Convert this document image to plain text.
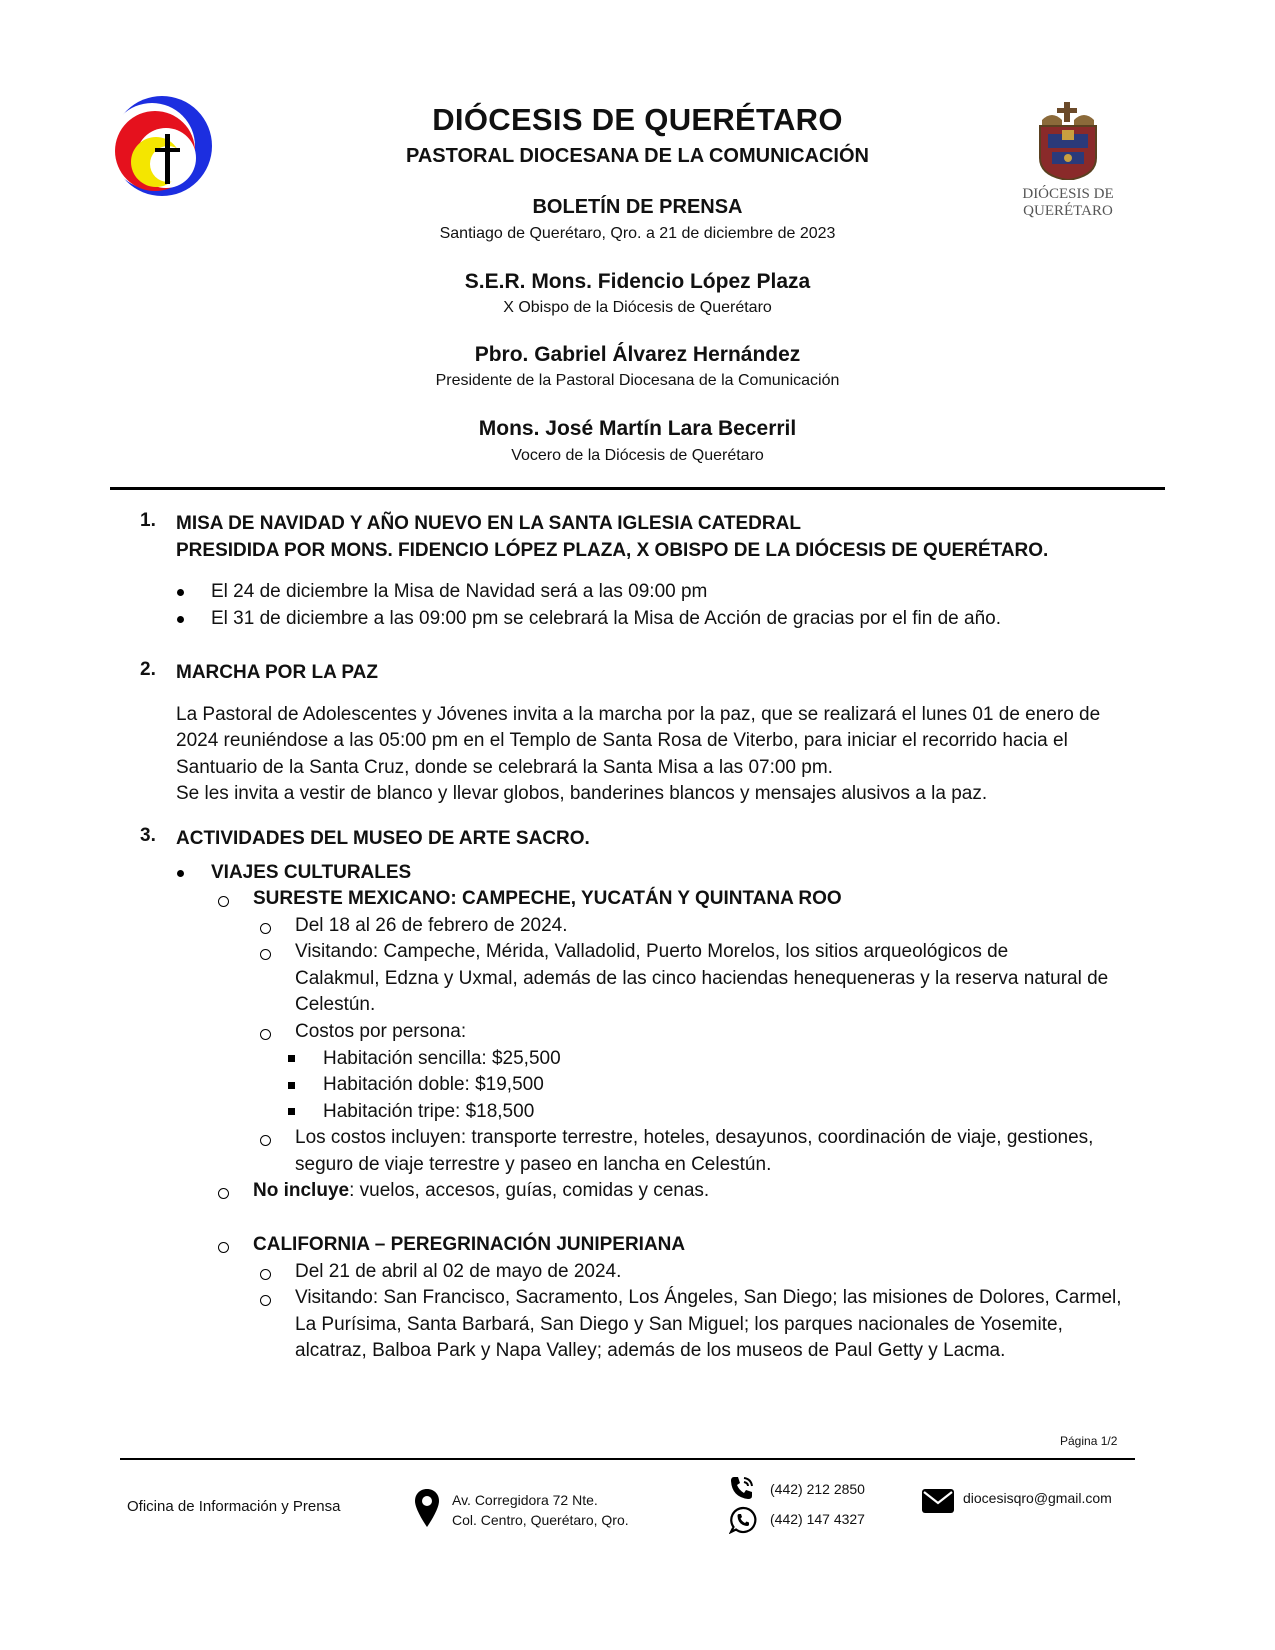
DIÓCESIS DE
QUERÉTARO
DIÓCESIS DE QUERÉTARO
PASTORAL DIOCESANA DE LA COMUNICACIÓN
BOLETÍN DE PRENSA
Santiago de Querétaro, Qro. a 21 de diciembre de 2023
S.E.R. Mons. Fidencio López Plaza
X Obispo de la Diócesis de Querétaro
Pbro. Gabriel Álvarez Hernández
Presidente de la Pastoral Diocesana de la Comunicación
Mons. José Martín Lara Becerril
Vocero de la Diócesis de Querétaro
1. MISA DE NAVIDAD Y AÑO NUEVO EN LA SANTA IGLESIA CATEDRAL
PRESIDIDA POR MONS. FIDENCIO LÓPEZ PLAZA, X OBISPO DE LA DIÓCESIS DE QUERÉTARO.
El 24 de diciembre la Misa de Navidad será a las 09:00 pm
El 31 de diciembre a las 09:00 pm se celebrará la Misa de Acción de gracias por el fin de año.
2. MARCHA POR LA PAZ
La Pastoral de Adolescentes y Jóvenes invita a la marcha por la paz, que se realizará el lunes 01 de enero de
2024 reuniéndose a las 05:00 pm en el Templo de Santa Rosa de Viterbo, para iniciar el recorrido hacia el
Santuario de la Santa Cruz, donde se celebrará la Santa Misa a las 07:00 pm.
Se les invita a vestir de blanco y llevar globos, banderines blancos y mensajes alusivos a la paz.
3. ACTIVIDADES DEL MUSEO DE ARTE SACRO.
VIAJES CULTURALES
SURESTE MEXICANO: CAMPECHE, YUCATÁN Y QUINTANA ROO
Del 18 al 26 de febrero de 2024.
Visitando: Campeche, Mérida, Valladolid, Puerto Morelos, los sitios arqueológicos de
Calakmul, Edzna y Uxmal, además de las cinco haciendas henequeneras y la reserva natural de
Celestún.
Costos por persona:
Habitación sencilla: $25,500
Habitación doble: $19,500
Habitación tripe: $18,500
Los costos incluyen: transporte terrestre, hoteles, desayunos, coordinación de viaje, gestiones,
seguro de viaje terrestre y paseo en lancha en Celestún.
No incluye: vuelos, accesos, guías, comidas y cenas.
CALIFORNIA – PEREGRINACIÓN JUNIPERIANA
Del 21 de abril al 02 de mayo de 2024.
Visitando: San Francisco, Sacramento, Los Ángeles, San Diego; las misiones de Dolores, Carmel,
La Purísima, Santa Barbará, San Diego y San Miguel; los parques nacionales de Yosemite,
alcatraz, Balboa Park y Napa Valley; además de los museos de Paul Getty y Lacma.
Página 1/2
Oficina de Información y Prensa	Av. Corregidora 72 Nte.
Col. Centro, Querétaro, Qro.
(442) 212 2850
(442) 147 4327
diocesisqro@gmail.com
